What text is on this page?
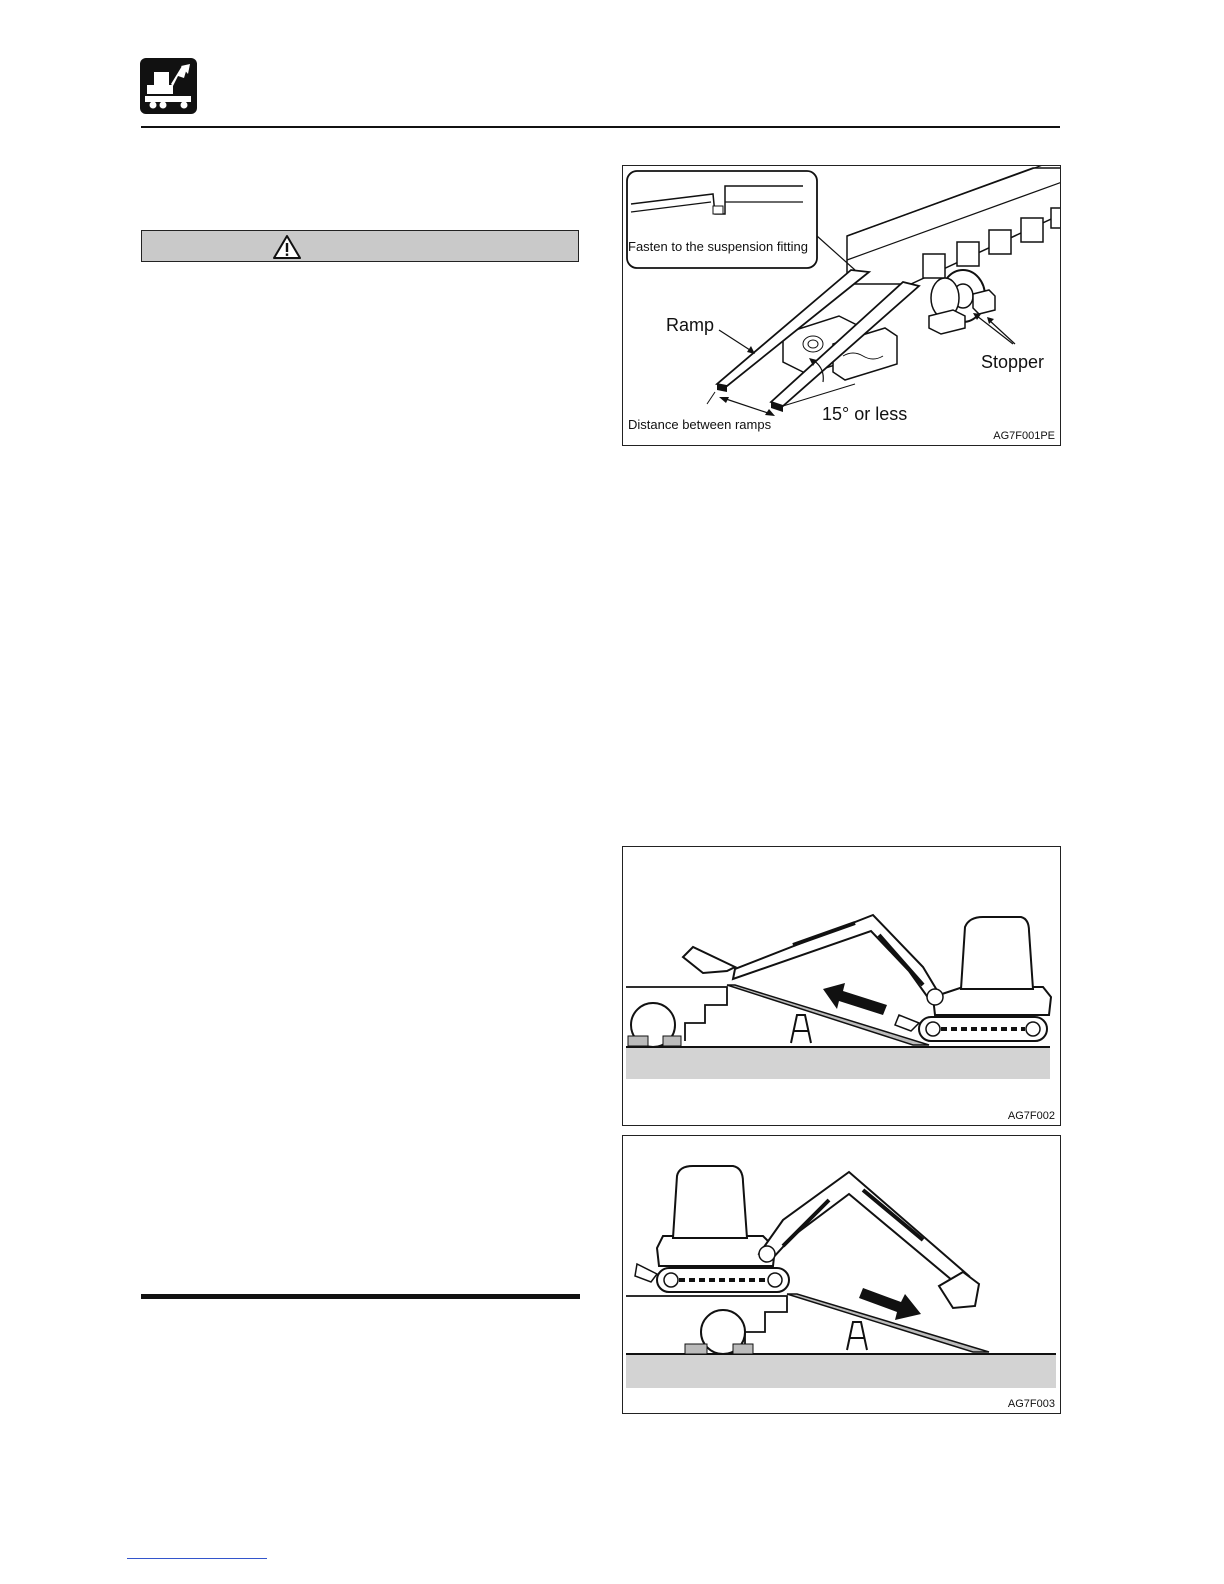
Fasten to the suspension fitting
Ramp
Stopper
15° or less
Distance between ramps
AG7F001PE
AG7F002
AG7F003
